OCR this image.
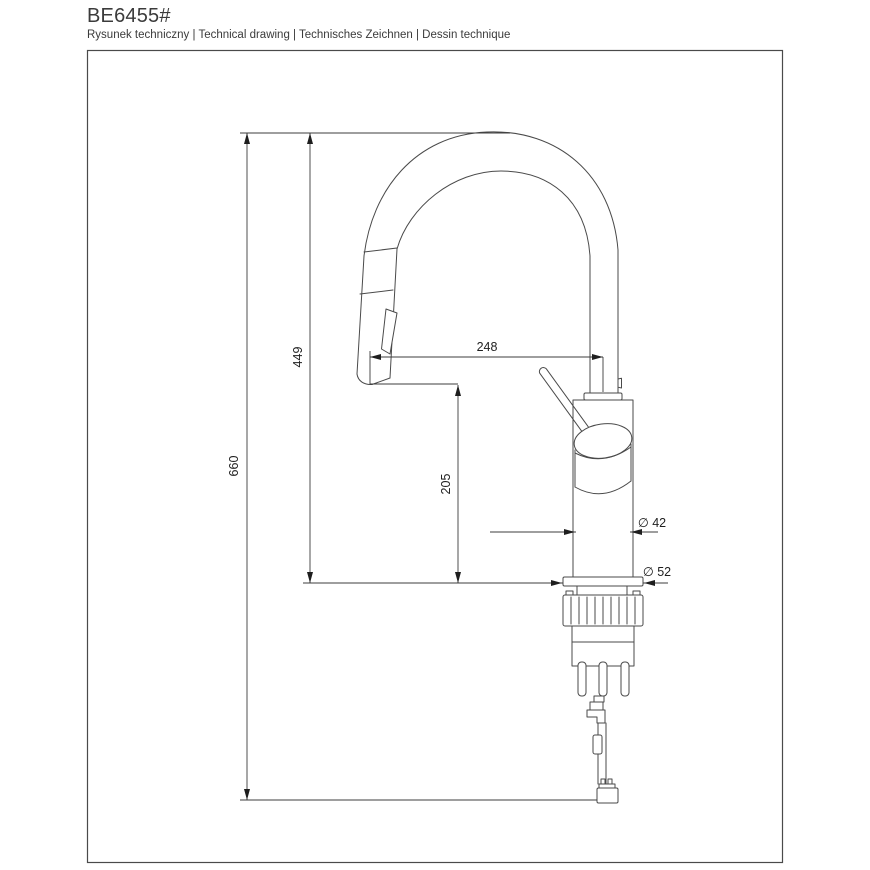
BE6455#
Rysunek techniczny | Technical drawing | Technisches Zeichnen | Dessin technique
660
449
205
248
∅ 42
∅ 52
